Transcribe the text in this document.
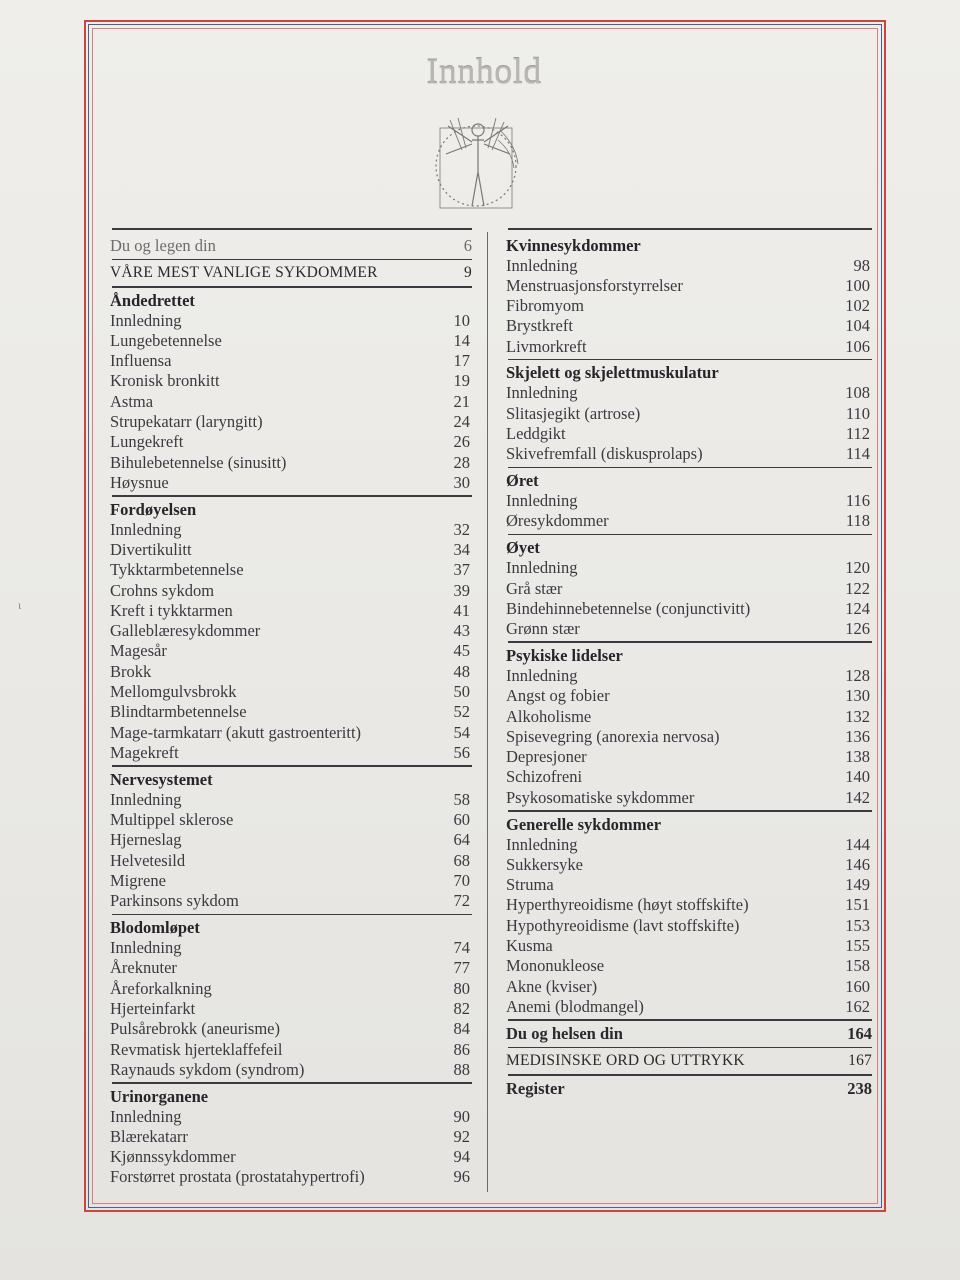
Innhold
Du og legen din	6
VÅRE MEST VANLIGE SYKDOMMER	9
Åndedrettet
Innledning	10
Lungebetennelse	14
Influensa	17
Kronisk bronkitt	19
Astma	21
Strupekatarr (laryngitt)	24
Lungekreft	26
Bihulebetennelse (sinusitt)	28
Høysnue	30
Fordøyelsen
Innledning	32
Divertikulitt	34
Tykktarmbetennelse	37
Crohns sykdom	39
Kreft i tykktarmen	41
Galleblæresykdommer	43
Magesår	45
Brokk	48
Mellomgulvsbrokk	50
Blindtarmbetennelse	52
Mage-tarmkatarr (akutt gastroenteritt)	54
Magekreft	56
Nervesystemet
Innledning	58
Multippel sklerose	60
Hjerneslag	64
Helvetesild	68
Migrene	70
Parkinsons sykdom	72
Blodomløpet
Innledning	74
Åreknuter	77
Åreforkalkning	80
Hjerteinfarkt	82
Pulsårebrokk (aneurisme)	84
Revmatisk hjerteklaffefeil	86
Raynauds sykdom (syndrom)	88
Urinorganene
Innledning	90
Blærekatarr	92
Kjønnssykdommer	94
Forstørret prostata (prostatahypertrofi)	96
Kvinnesykdommer
Innledning	98
Menstruasjonsforstyrrelser	100
Fibromyom	102
Brystkreft	104
Livmorkreft	106
Skjelett og skjelettmuskulatur
Innledning	108
Slitasjegikt (artrose)	110
Leddgikt	112
Skivefremfall (diskusprolaps)	114
Øret
Innledning	116
Øresykdommer	118
Øyet
Innledning	120
Grå stær	122
Bindehinnebetennelse (conjunctivitt)	124
Grønn stær	126
Psykiske lidelser
Innledning	128
Angst og fobier	130
Alkoholisme	132
Spisevegring (anorexia nervosa)	136
Depresjoner	138
Schizofreni	140
Psykosomatiske sykdommer	142
Generelle sykdommer
Innledning	144
Sukkersyke	146
Struma	149
Hyperthyreoidisme (høyt stoffskifte)	151
Hypothyreoidisme (lavt stoffskifte)	153
Kusma	155
Mononukleose	158
Akne (kviser)	160
Anemi (blodmangel)	162
Du og helsen din	164
MEDISINSKE ORD OG UTTRYKK	167
Register	238
ι
